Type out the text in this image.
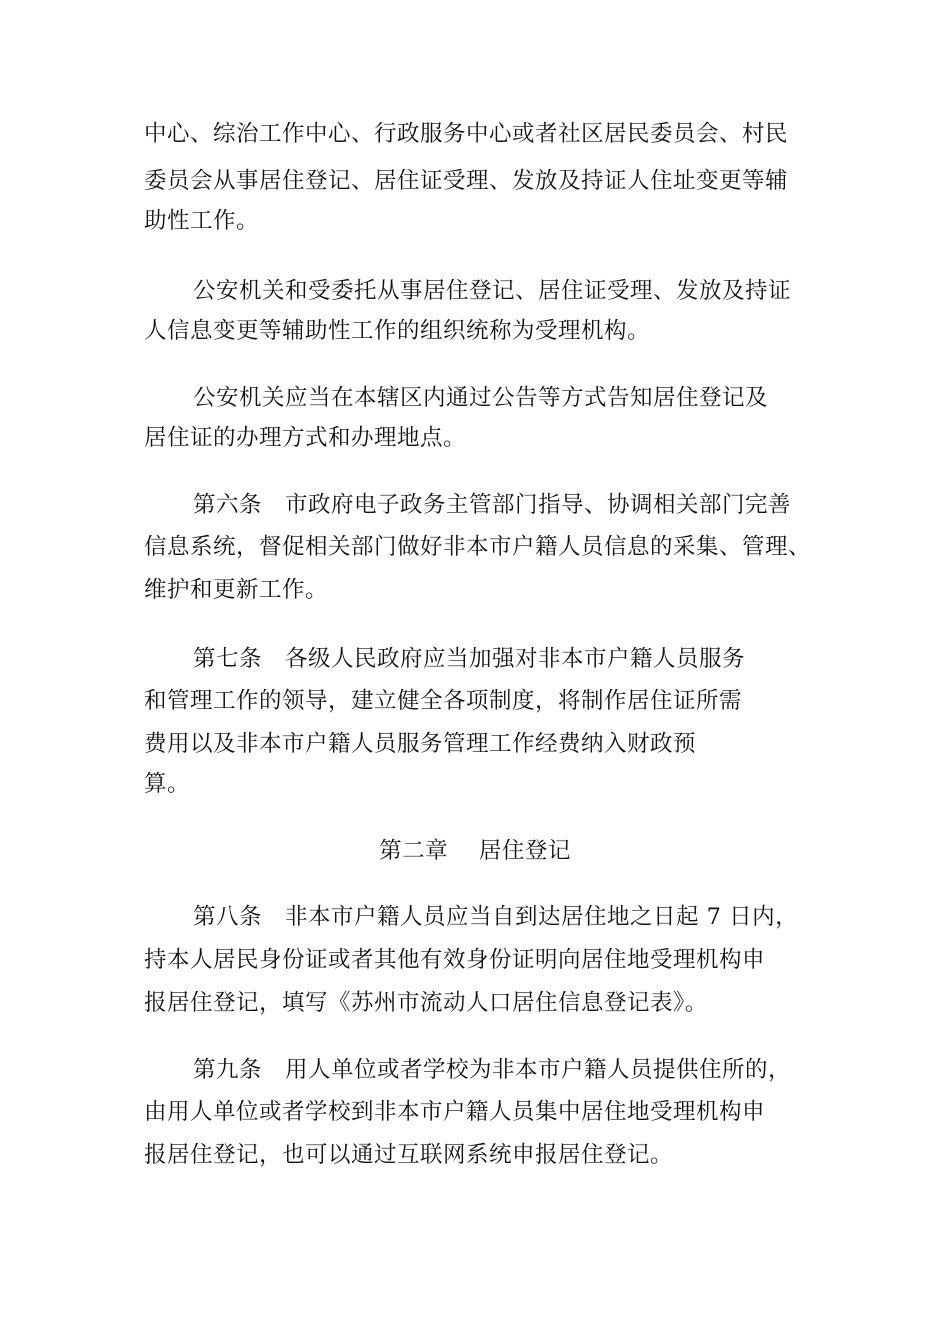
中心、综治工作中心、行政服务中心或者社区居民委员会、村民
委员会从事居住登记、居住证受理、发放及持证人住址变更等辅
助性工作。
公安机关和受委托从事居住登记、居住证受理、发放及持证
人信息变更等辅助性工作的组织统称为受理机构。
公安机关应当在本辖区内通过公告等方式告知居住登记及
居住证的办理方式和办理地点。
第六条　市政府电子政务主管部门指导、协调相关部门完善
信息系统，督促相关部门做好非本市户籍人员信息的采集、管理、
维护和更新工作。
第七条　各级人民政府应当加强对非本市户籍人员服务
和管理工作的领导，建立健全各项制度，将制作居住证所需
费用以及非本市户籍人员服务管理工作经费纳入财政预
算。
第二章　 居住登记
第八条　非本市户籍人员应当自到达居住地之日起 7 日内，
持本人居民身份证或者其他有效身份证明向居住地受理机构申
报居住登记，填写《苏州市流动人口居住信息登记表》。
第九条　用人单位或者学校为非本市户籍人员提供住所的，
由用人单位或者学校到非本市户籍人员集中居住地受理机构申
报居住登记，也可以通过互联网系统申报居住登记。
